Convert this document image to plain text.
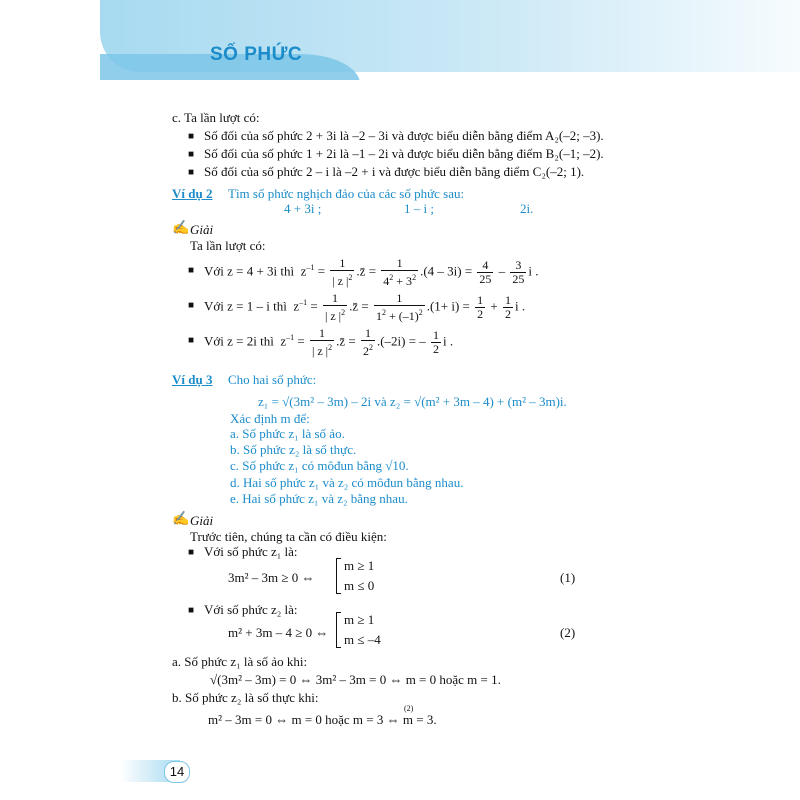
SỐ PHỨC
c. Ta lần lượt có:
■ Số đối của số phức 2 + 3i là –2 – 3i và được biểu diễn bằng điểm A₂(–2; –3).
■ Số đối của số phức 1 + 2i là –1 – 2i và được biểu diễn bằng điểm B₂(–1; –2).
■ Số đối của số phức 2 – i là –2 + i và được biểu diễn bằng điểm C₂(–2; 1).
Ví dụ 2 Tìm số phức nghịch đảo của các số phức sau:
4 + 3i ;	1 – i ;	2i.
✍ Giải
Ta lần lượt có:
■ Với z = 4 + 3i thì  $z^{-1} = \frac{1}{| z |^2}$ .z̄ = $\frac{1}{4^2 + 3^2} .(4 - 3i) = \frac{4}{25} - \frac{3}{25}$ i .
■ Với z = 1 – i thì  $z^{-1} = \frac{1}{| z |^2}$ .z̄ = $\frac{1}{1^2 + (-1)^2} .(1+ i) = \frac{1}{2} + \frac{1}{2}$ i .
■ Với z = 2i thì  $z^{-1} = \frac{1}{| z |^2}$ .z̄ = $\frac{1}{2^2} .(-2i)$ = – $\frac{1}{2}$ i .
Ví dụ 3 Cho hai số phức:
z₁ = √(3m² – 3m) – 2i và z₂ = √(m² + 3m – 4) + (m² – 3m)i.
Xác định m để:
a. Số phức z₁ là số ảo.
b. Số phức z₂ là số thực.
c. Số phức z₁ có môđun bằng √10.
d. Hai số phức z₁ và z₂ có môđun bằng nhau.
e. Hai số phức z₁ và z₂ bằng nhau.
✍ Giải
Trước tiên, chúng ta cần có điều kiện:
■ Với số phức z₁ là:
3m² – 3m ≥ 0 ⇔
m ≥ 1
m ≤ 0
(1)
■ Với số phức z₂ là:
m² + 3m – 4 ≥ 0 ⇔
m ≥ 1
m ≤ –4	(2)
a. Số phức z₁ là số ảo khi:
√(3m² – 3m) = 0 ⇔ 3m² – 3m = 0 ⇔ m = 0 hoặc m = 1.
b. Số phức z₂ là số thực khi:
(2)
m² – 3m = 0 ⇔ m = 0 hoặc m = 3 ⇔ m = 3.
14
